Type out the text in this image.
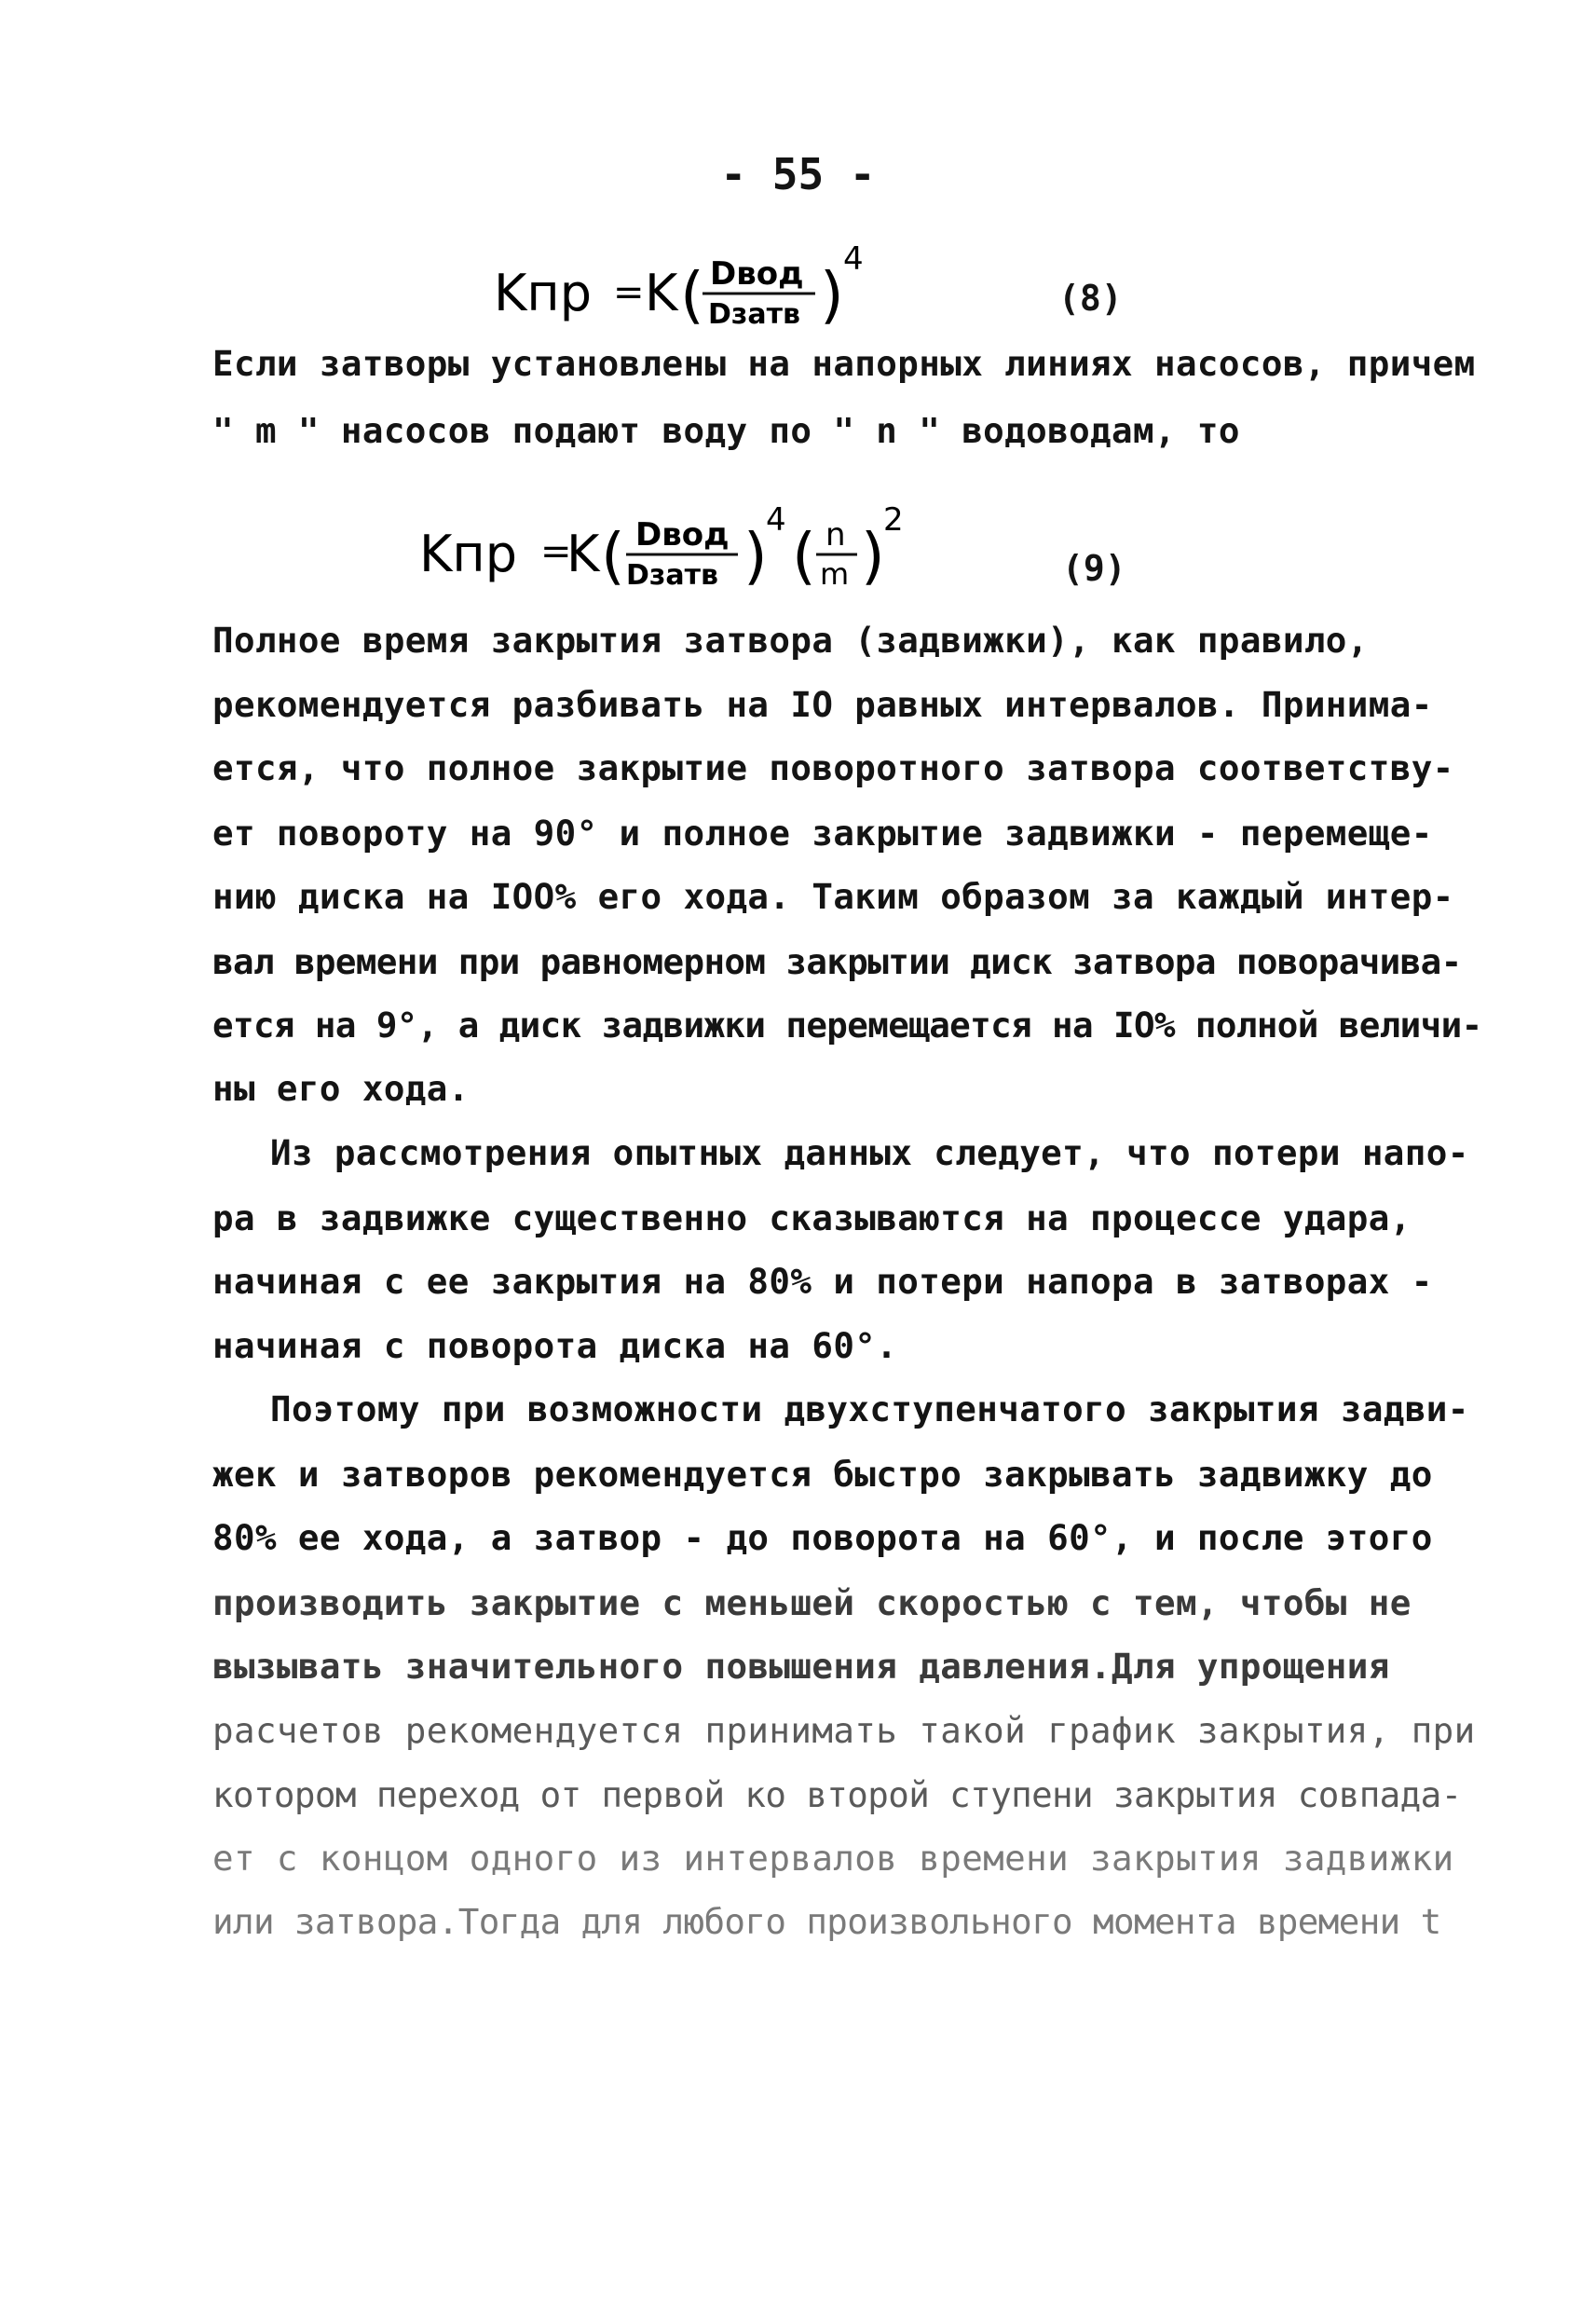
- 55 -
Kпр = K ( Dвод
Dзатв ) 4
(8)
Kпр =
K ( Dвод
Dзатв )
4 ( n
m )
2
(9)
Если затворы установлены на напорных линиях насосов, причем
" m " насосов подают воду по " n " водоводам, то
Полное время закрытия затвора (задвижки), как правило,
рекомендуется разбивать на IO равных интервалов. Принима-
ется, что полное закрытие поворотного затвора соответству-
ет повороту на 90° и полное закрытие задвижки - перемеще-
нию диска на IOO% его хода. Таким образом за каждый интер-
вал времени при равномерном закрытии диск затвора поворачива-
ется на 9°, а диск задвижки перемещается на IO% полной величи-
ны его хода.
Из рассмотрения опытных данных следует, что потери напо-
ра в задвижке существенно сказываются на процессе удара,
начиная с ее закрытия на 80% и потери напора в затворах -
начиная с поворота диска на 60°.
Поэтому при возможности двухступенчатого закрытия задви-
жек и затворов рекомендуется быстро закрывать задвижку до
80% ее хода, а затвор - до поворота на 60°, и после этого
производить закрытие с меньшей скоростью с тем, чтобы не
вызывать значительного повышения давления.Для упрощения
расчетов рекомендуется принимать такой график закрытия, при
котором переход от первой ко второй ступени закрытия совпада-
ет с концом одного из интервалов времени закрытия задвижки
или затвора.Тогда для любого произвольного момента времени t
